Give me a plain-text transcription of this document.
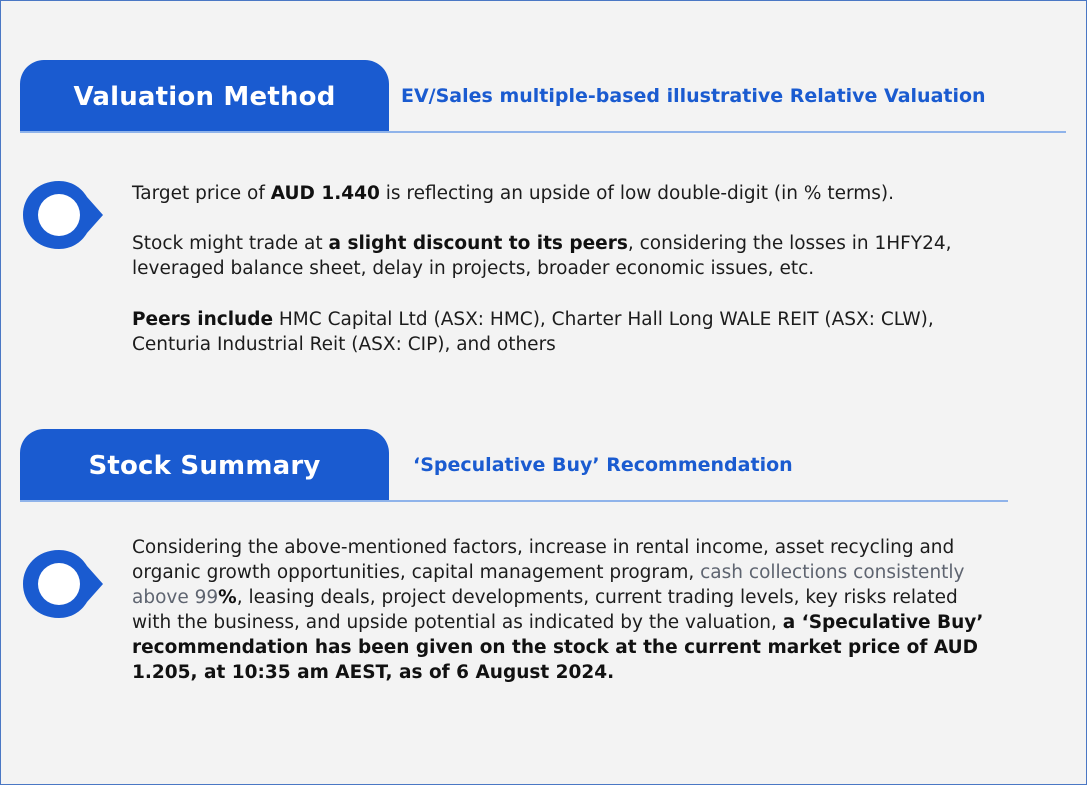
Valuation Method	EV/Sales multiple-based illustrative Relative Valuation
Target price of AUD 1.440 is reflecting an upside of low double-digit (in % terms).
Stock might trade at a slight discount to its peers, considering the losses in 1HFY24, leveraged balance sheet, delay in projects, broader economic issues, etc.
Peers include HMC Capital Ltd (ASX: HMC), Charter Hall Long WALE REIT (ASX: CLW), Centuria Industrial Reit (ASX: CIP), and others
Stock Summary	‘Speculative Buy’ Recommendation
Considering the above-mentioned factors, increase in rental income, asset recycling and organic growth opportunities, capital management program, cash collections consistently above 99%, leasing deals, project developments, current trading levels, key risks related with the business, and upside potential as indicated by the valuation, a ‘Speculative Buy’ recommendation has been given on the stock at the current market price of AUD 1.205, at 10:35 am AEST, as of 6 August 2024.
